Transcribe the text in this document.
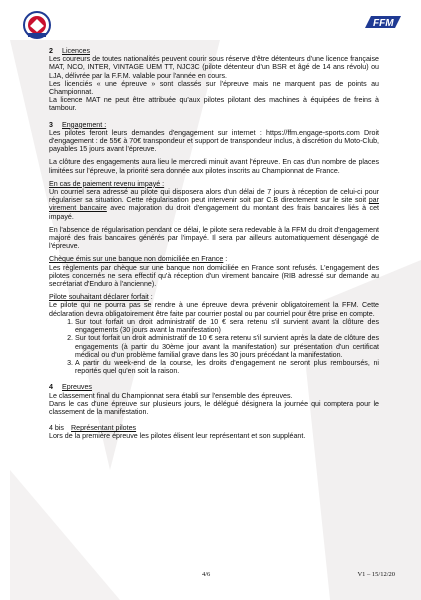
FFM
2 Licences

Les coureurs de toutes nationalités peuvent courir sous réserve d'être détenteurs d'une licence française MAT, NCO, INTER, VINTAGE UEM TT, NJC3C (pilote détenteur d'un BSR et âgé de 14 ans révolu) ou LJA, délivrée par la F.F.M. valable pour l'année en cours.

Les licenciés « une épreuve » sont classés sur l'épreuve mais ne marquent pas de points au Championnat.

La licence MAT ne peut être attribuée qu'aux pilotes pilotant des machines à équipées de freins à tambour.

3 Engagement :

Les pilotes feront leurs demandes d'engagement sur internet : https://ffm.engage-sports.com Droit d'engagement : de 55€ à 70€ transpondeur et support de transpondeur inclus, à discrétion du Moto-Club, payables 15 jours avant l'épreuve.

La clôture des engagements aura lieu le mercredi minuit avant l'épreuve. En cas d'un nombre de places limitées sur l'épreuve, la priorité sera donnée aux pilotes inscrits au Championnat de France.

En cas de paiement revenu impayé :

Un courriel sera adressé au pilote qui disposera alors d'un délai de 7 jours à réception de celui-ci pour régulariser sa situation. Cette régularisation peut intervenir soit par C.B directement sur le site soit par virement bancaire avec majoration du droit d'engagement du montant des frais bancaires liés à cet impayé.

En l'absence de régularisation pendant ce délai, le pilote sera redevable à la FFM du droit d'engagement majoré des frais bancaires générés par l'impayé. Il sera par ailleurs automatiquement désengagé de l'épreuve.

Chèque émis sur une banque non domiciliée en France :

Les règlements par chèque sur une banque non domiciliée en France sont refusés. L'engagement des pilotes concernés ne sera effectif qu'à réception d'un virement bancaire (RIB adressé sur demande au secrétariat d'Enduro à l'ancienne).

Pilote souhaitant déclarer forfait :

Le pilote qui ne pourra pas se rendre à une épreuve devra prévenir obligatoirement la FFM. Cette déclaration devra obligatoirement être faite par courrier postal ou par courriel pour être prise en compte.

1. Sur tout forfait un droit administratif de 10 € sera retenu s'il survient avant la clôture des engagements (30 jours avant la manifestation)
2. Sur tout forfait un droit administratif de 10 € sera retenu s'il survient après la date de clôture des engagements (à partir du 30ème jour avant la manifestation) sur présentation d'un certificat médical ou d'un problème familial grave dans les 30 jours précédant la manifestation.
3. A partir du week-end de la course, les droits d'engagement ne seront plus remboursés, ni reportés quel qu'en soit la raison.
4 Epreuves

Le classement final du Championnat sera établi sur l'ensemble des épreuves.

Dans le cas d'une épreuve sur plusieurs jours, le délégué désignera la journée qui comptera pour le classement de la manifestation.

4 bis Représentant pilotes

Lors de la première épreuve les pilotes élisent leur représentant et son suppléant.

4/6	V1 – 15/12/20
